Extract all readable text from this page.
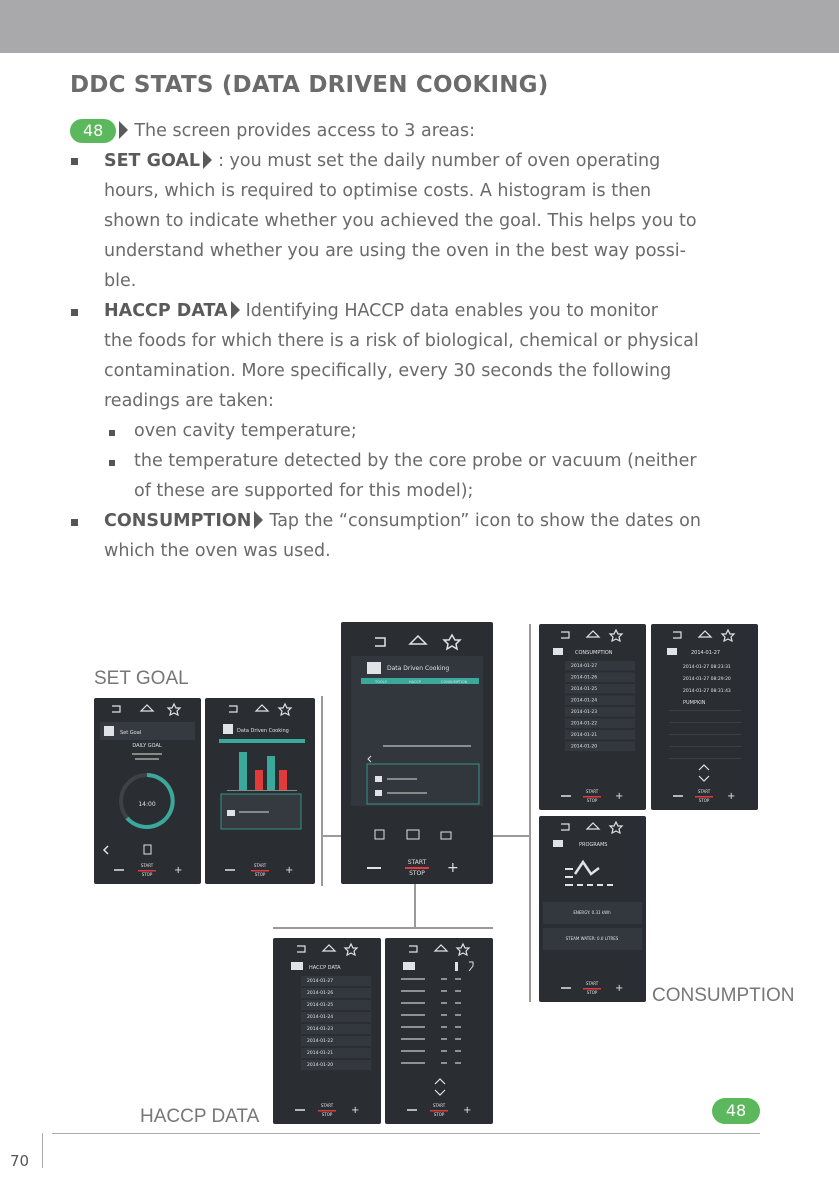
DDC STATS (DATA DRIVEN COOKING)
48 The screen provides access to 3 areas:
SET GOAL : you must set the daily number of oven operating
hours, which is required to optimise costs. A histogram is then
shown to indicate whether you achieved the goal. This helps you to
understand whether you are using the oven in the best way possi-
ble.
HACCP DATA Identifying HACCP data enables you to monitor
the foods for which there is a risk of biological, chemical or physical
contamination. More specifically, every 30 seconds the following
readings are taken:
oven cavity temperature;
the temperature detected by the core probe or vacuum (neither
of these are supported for this model);
CONSUMPTION Tap the “consumption” icon to show the dates on
which the oven was used.
SET GOAL
HACCP DATA
CONSUMPTION
Set Goal
DAILY GOAL
14:00
START
STOP +
Data Driven Cooking
START
STOP +
Data Driven Cooking
TOOLS	HACCP	CONSUMPTION
START
STOP +
CONSUMPTION
2014-01-27
2014-01-26
2014-01-25
2014-01-24
2014-01-23
2014-01-22
2014-01-21
2014-01-20
START
STOP +
2014-01-27
2014-01-27 08:23:31
2014-01-27 08:29:20
2014-01-27 08:31:43
PUMPKIN
START
STOP +
PROGRAMS
ENERGY: 0.31 kWh
STEAM WATER: 0.0 LITRES
START
STOP +
HACCP DATA
2014-01-27
2014-01-26
2014-01-25
2014-01-24
2014-01-23
2014-01-22
2014-01-21
2014-01-20
START
STOP +	START
STOP +	48
70
